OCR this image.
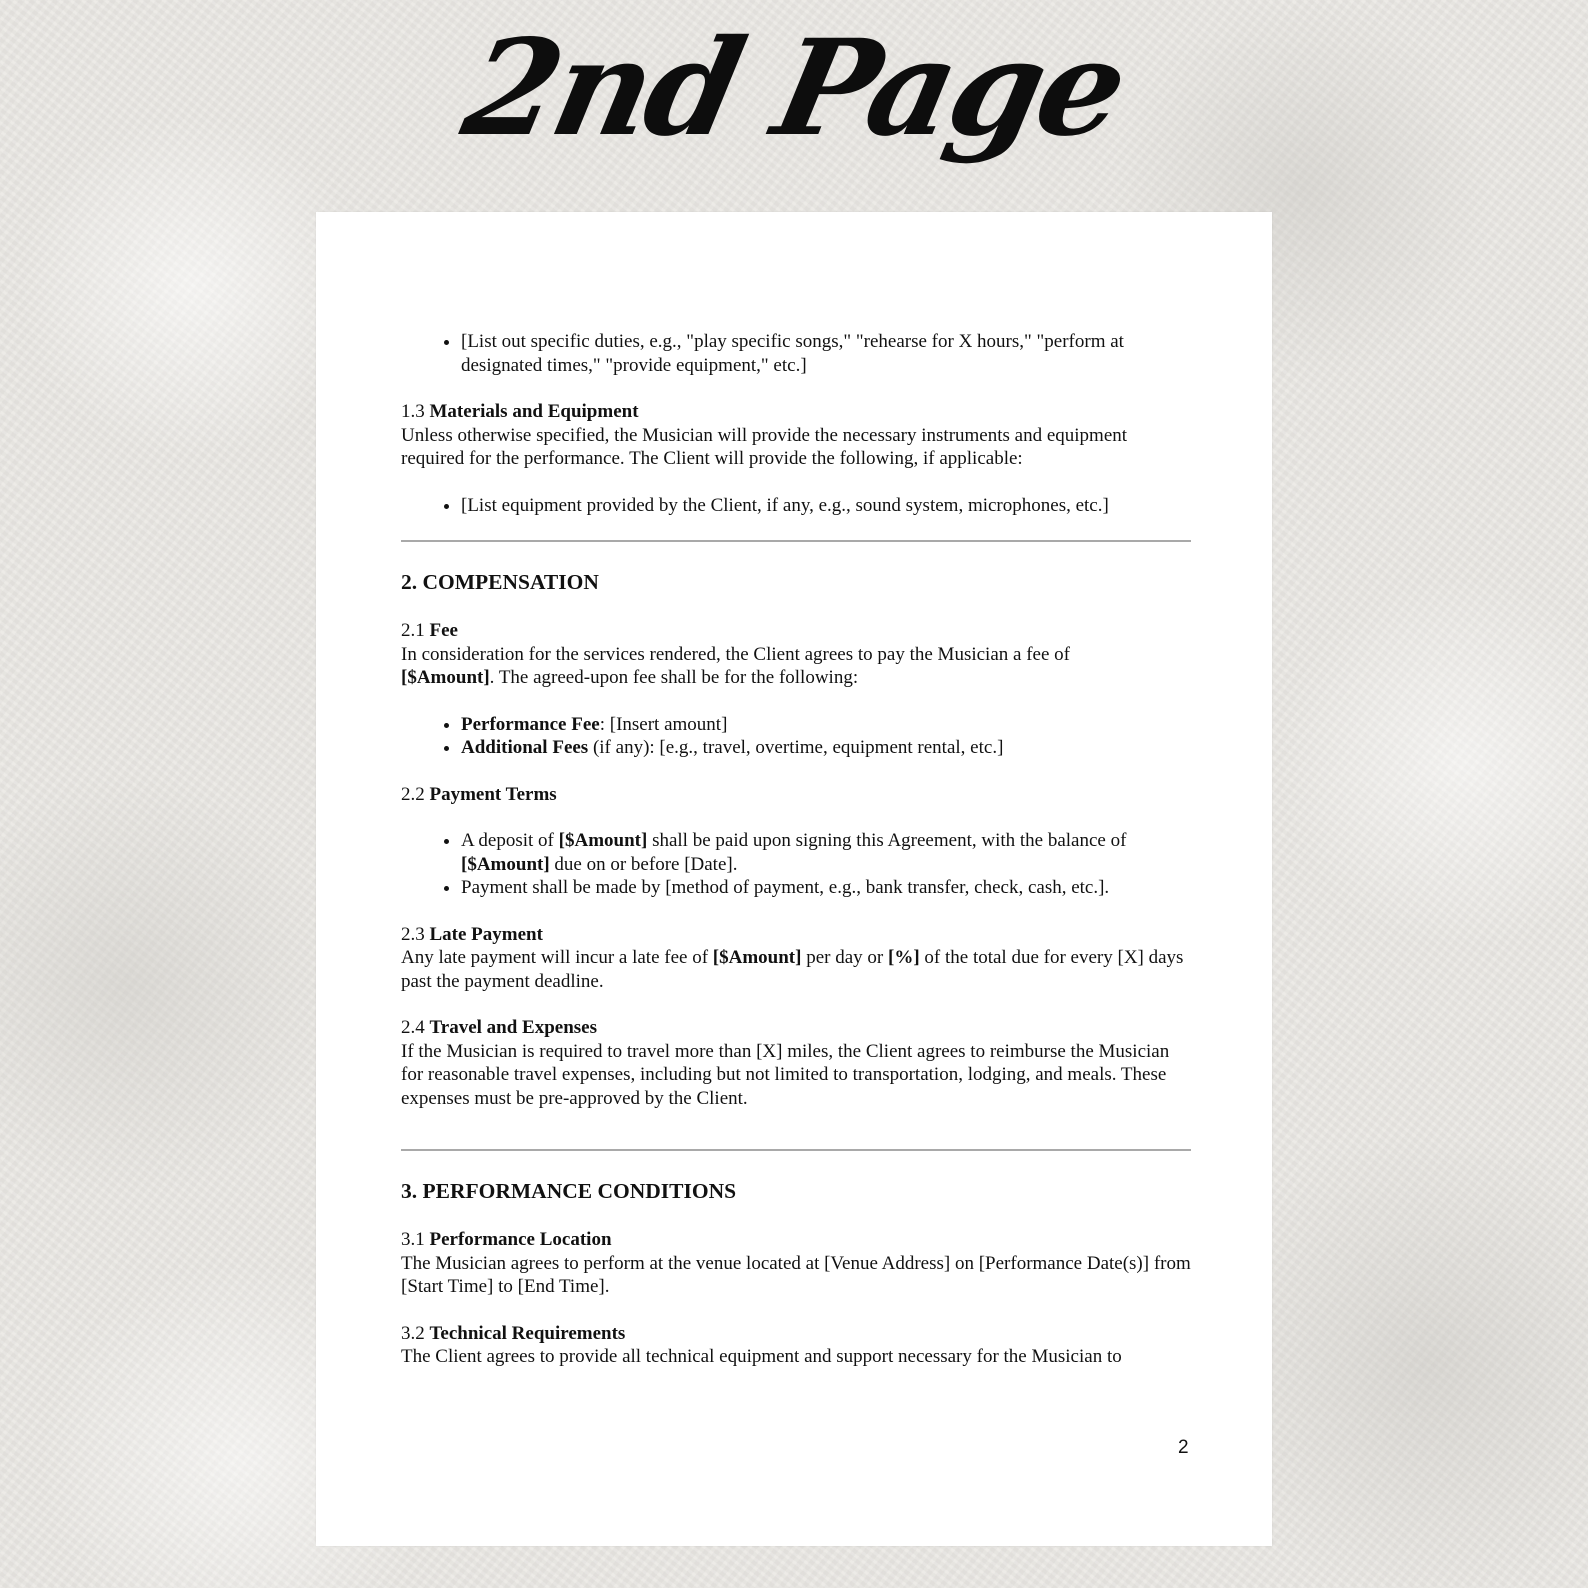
2nd Page
• [List out specific duties, e.g., "play specific songs," "rehearse for X hours," "perform at designated times," "provide equipment," etc.]

1.3 Materials and Equipment
Unless otherwise specified, the Musician will provide the necessary instruments and equipment required for the performance. The Client will provide the following, if applicable:

• [List equipment provided by the Client, if any, e.g., sound system, microphones, etc.]
2. COMPENSATION

2.1 Fee
In consideration for the services rendered, the Client agrees to pay the Musician a fee of
[$Amount]. The agreed-upon fee shall be for the following:

• Performance Fee: [Insert amount]
• Additional Fees (if any): [e.g., travel, overtime, equipment rental, etc.]

2.2 Payment Terms

• A deposit of [$Amount] shall be paid upon signing this Agreement, with the balance of [$Amount] due on or before [Date].
• Payment shall be made by [method of payment, e.g., bank transfer, check, cash, etc.].

2.3 Late Payment
Any late payment will incur a late fee of [$Amount] per day or [%] of the total due for every [X] days past the payment deadline.

2.4 Travel and Expenses
If the Musician is required to travel more than [X] miles, the Client agrees to reimburse the Musician for reasonable travel expenses, including but not limited to transportation, lodging, and meals. These expenses must be pre-approved by the Client.

3. PERFORMANCE CONDITIONS

3.1 Performance Location
The Musician agrees to perform at the venue located at [Venue Address] on [Performance Date(s)] from [Start Time] to [End Time].

3.2 Technical Requirements
The Client agrees to provide all technical equipment and support necessary for the Musician to

2
